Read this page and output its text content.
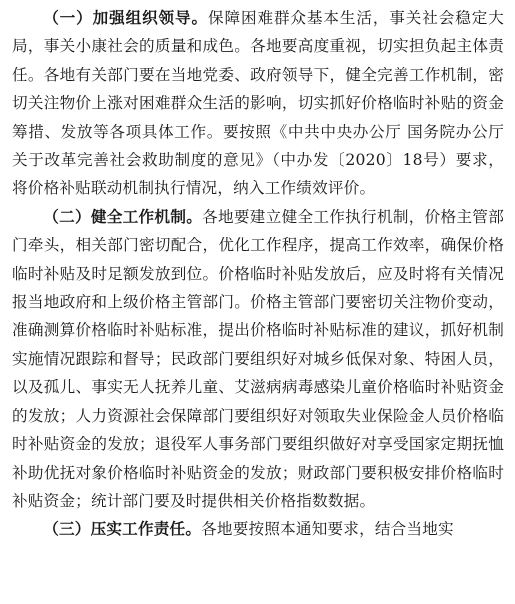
（一）加强组织领导。保障困难群众基本生活，事关社会稳定大局，事关小康社会的质量和成色。各地要高度重视，切实担负起主体责任。各地有关部门要在当地党委、政府领导下，健全完善工作机制，密切关注物价上涨对困难群众生活的影响，切实抓好价格临时补贴的资金筹措、发放等各项具体工作。要按照《中共中央办公厅 国务院办公厅关于改革完善社会救助制度的意见》（中办发〔2020〕18号）要求，将价格补贴联动机制执行情况，纳入工作绩效评价。

（二）健全工作机制。各地要建立健全工作执行机制，价格主管部门牵头，相关部门密切配合，优化工作程序，提高工作效率，确保价格临时补贴及时足额发放到位。价格临时补贴发放后，应及时将有关情况报当地政府和上级价格主管部门。价格主管部门要密切关注物价变动，准确测算价格临时补贴标准，提出价格临时补贴标准的建议，抓好机制实施情况跟踪和督导；民政部门要组织好对城乡低保对象、特困人员，以及孤儿、事实无人抚养儿童、艾滋病病毒感染儿童价格临时补贴资金的发放；人力资源社会保障部门要组织好对领取失业保险金人员价格临时补贴资金的发放；退役军人事务部门要组织做好对享受国家定期抚恤补助优抚对象价格临时补贴资金的发放；财政部门要积极安排价格临时补贴资金；统计部门要及时提供相关价格指数数据。

（三）压实工作责任。各地要按照本通知要求，结合当地实
